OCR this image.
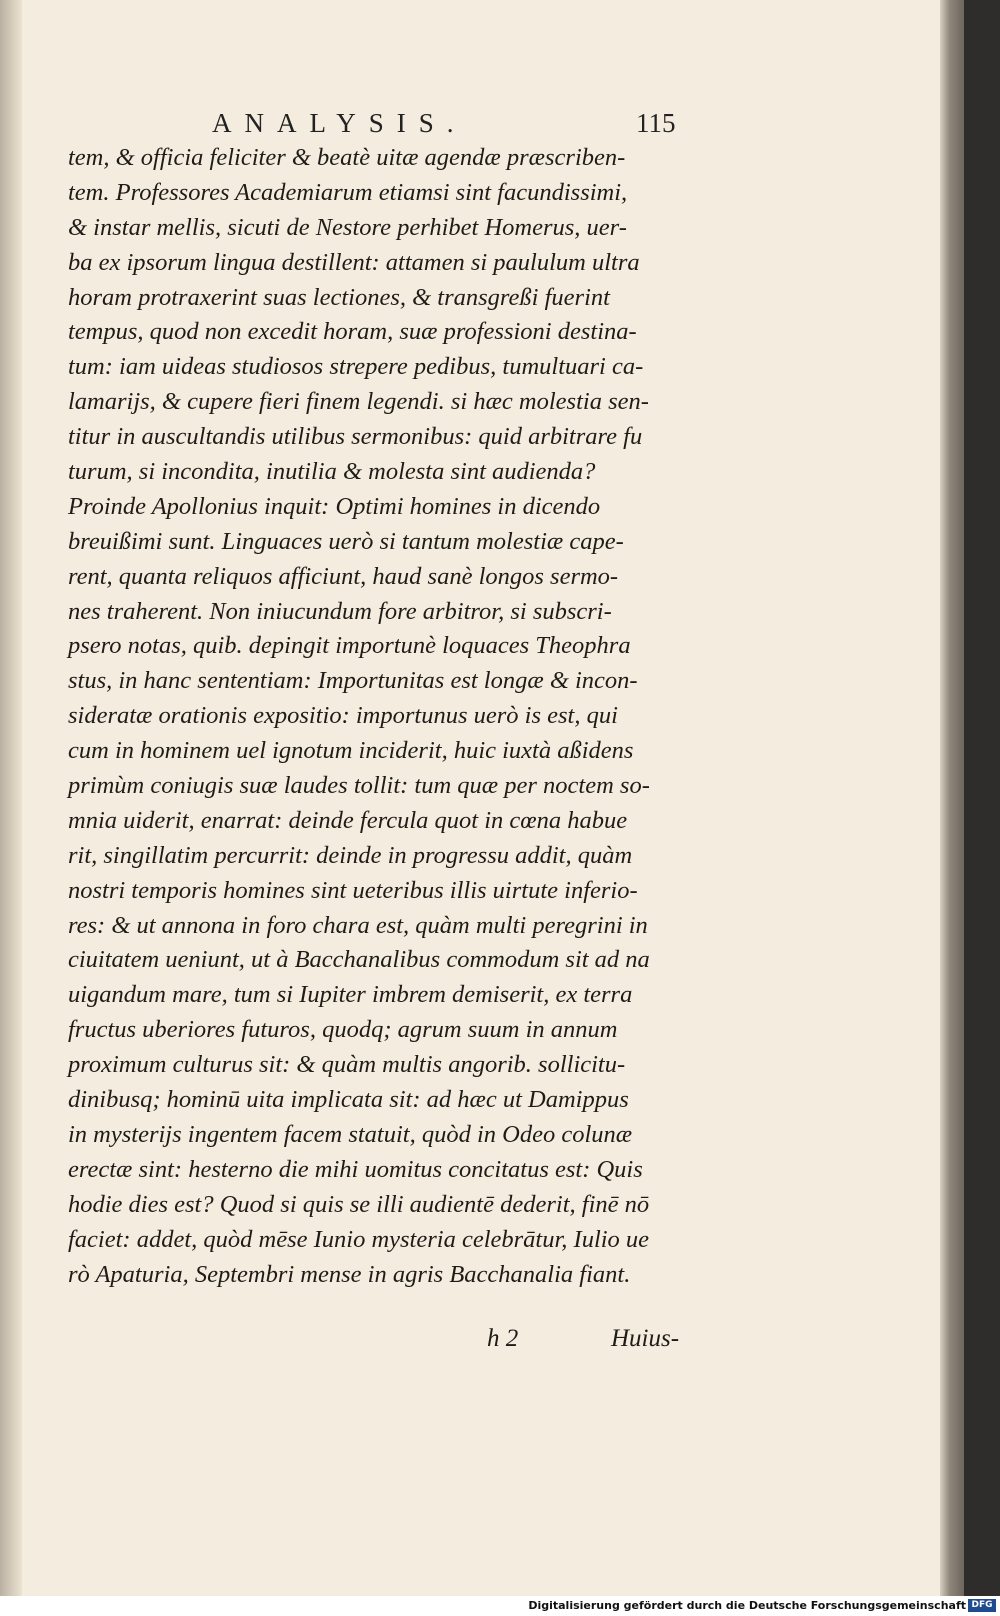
ANALYSIS.	115
tem, & officia feliciter & beatè uitæ agendæ præscriben-
tem. Professores Academiarum etiamsi sint facundissimi,
& instar mellis, sicuti de Nestore perhibet Homerus, uer-
ba ex ipsorum lingua destillent: attamen si paululum ultra
horam protraxerint suas lectiones, & transgreßi fuerint
tempus, quod non excedit horam, suæ professioni destina-
tum: iam uideas studiosos strepere pedibus, tumultuari ca-
lamarijs, & cupere fieri finem legendi. si hæc molestia sen-
titur in auscultandis utilibus sermonibus: quid arbitrare fu
turum, si incondita, inutilia & molesta sint audienda?
Proinde Apollonius inquit: Optimi homines in dicendo
breuißimi sunt. Linguaces uerò si tantum molestiæ cape-
rent, quanta reliquos afficiunt, haud sanè longos sermo-
nes traherent. Non iniucundum fore arbitror, si subscri-
psero notas, quib. depingit importunè loquaces Theophra
stus, in hanc sententiam: Importunitas est longæ & incon-
sideratæ orationis expositio: importunus uerò is est, qui
cum in hominem uel ignotum inciderit, huic iuxtà aßidens
primùm coniugis suæ laudes tollit: tum quæ per noctem so-
mnia uiderit, enarrat: deinde fercula quot in cœna habue
rit, singillatim percurrit: deinde in progressu addit, quàm
nostri temporis homines sint ueteribus illis uirtute inferio-
res: & ut annona in foro chara est, quàm multi peregrini in
ciuitatem ueniunt, ut à Bacchanalibus commodum sit ad na
uigandum mare, tum si Iupiter imbrem demiserit, ex terra
fructus uberiores futuros, quodq; agrum suum in annum
proximum culturus sit: & quàm multis angorib. sollicitu-
dinibusq; hominū uita implicata sit: ad hæc ut Damippus
in mysterijs ingentem facem statuit, quòd in Odeo colunæ
erectæ sint: hesterno die mihi uomitus concitatus est: Quis
hodie dies est? Quod si quis se illi audientē dederit, finē nō
faciet: addet, quòd mēse Iunio mysteria celebrātur, Iulio ue
rò Apaturia, Septembri mense in agris Bacchanalia fiant.
h 2	Huius-
Digitalisierung gefördert durch die Deutsche Forschungsgemeinschaft DFG
